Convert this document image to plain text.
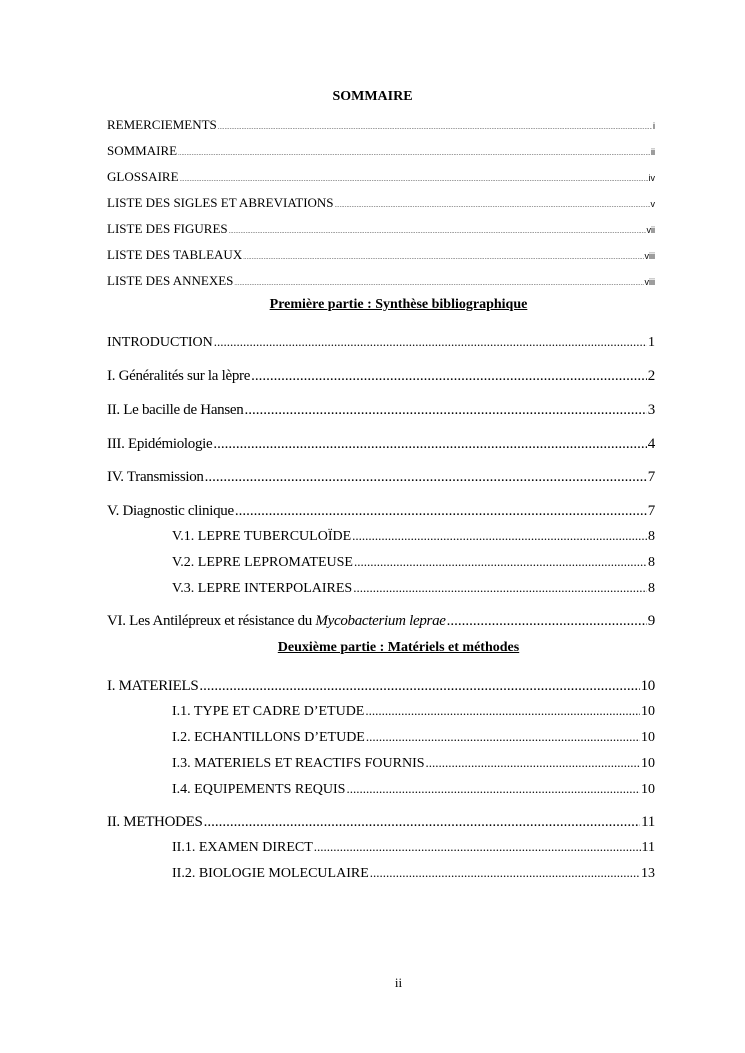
SOMMAIRE
REMERCIEMENTS .....	i
SOMMAIRE .....	ii
GLOSSAIRE .....	iv
LISTE DES SIGLES ET ABREVIATIONS .....	v
LISTE DES FIGURES .....	vii
LISTE DES TABLEAUX .....	viii
LISTE DES ANNEXES .....	viii
Première partie : Synthèse bibliographique
INTRODUCTION .....	1
I. Généralités sur la lèpre .....	2
II. Le bacille de Hansen .....	3
III. Epidémiologie .....	4
IV. Transmission .....	7
V. Diagnostic clinique .....	7
V.1. LEPRE TUBERCULOÏDE .....	8
V.2. LEPRE LEPROMATEUSE .....	8
V.3. LEPRE INTERPOLAIRES .....	8
VI. Les Antilépreux et résistance du Mycobacterium leprae .....	9
Deuxième partie : Matériels et méthodes
I. MATERIELS .....	10
I.1. TYPE ET CADRE D’ETUDE .....	10
I.2. ECHANTILLONS D’ETUDE .....	10
I.3. MATERIELS ET REACTIFS FOURNIS .....	10
I.4. EQUIPEMENTS REQUIS .....	10
II. METHODES .....	11
II.1. EXAMEN DIRECT .....	11
II.2. BIOLOGIE MOLECULAIRE .....	13
ii
